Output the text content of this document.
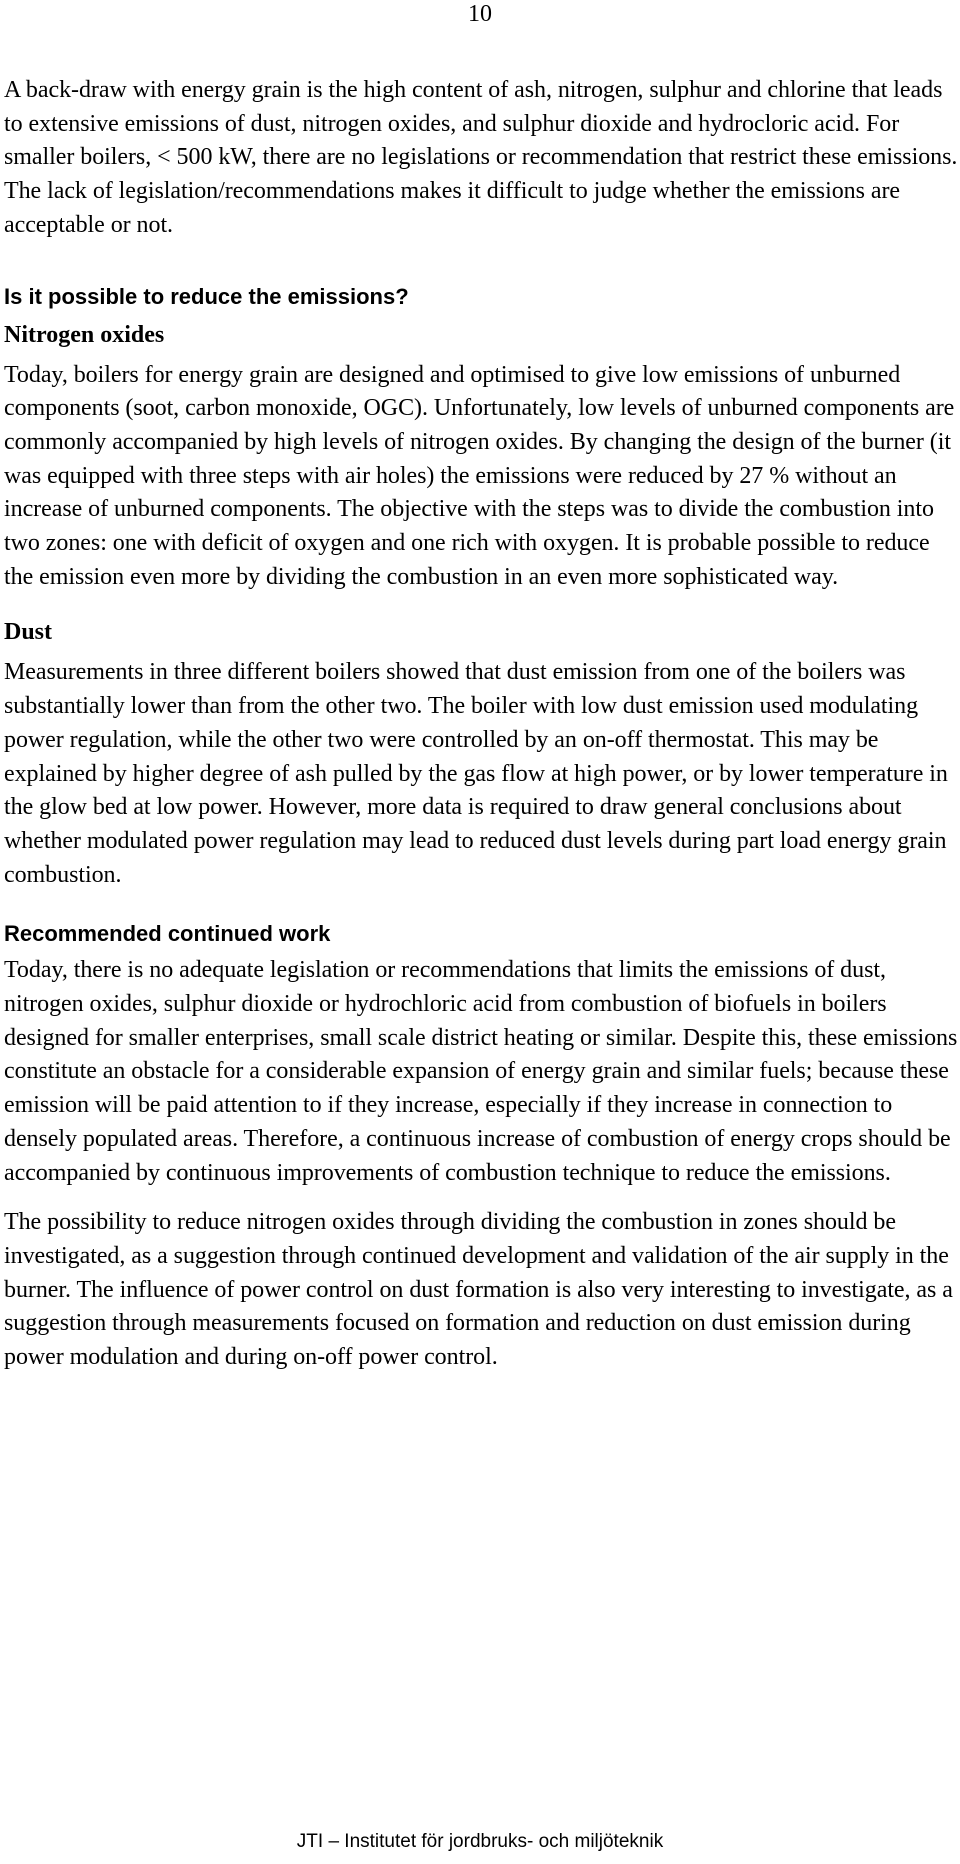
10

A back-draw with energy grain is the high content of ash, nitrogen, sulphur and chlorine that leads to extensive emissions of dust, nitrogen oxides, and sulphur dioxide and hydrocloric acid. For smaller boilers, < 500 kW, there are no legislations or recommendation that restrict these emissions. The lack of legislation/recommendations makes it difficult to judge whether the emissions are acceptable or not.

Is it possible to reduce the emissions?
Nitrogen oxides

Today, boilers for energy grain are designed and optimised to give low emissions of unburned components (soot, carbon monoxide, OGC). Unfortunately, low levels of unburned components are commonly accompanied by high levels of nitrogen oxides. By changing the design of the burner (it was equipped with three steps with air holes) the emissions were reduced by 27 % without an increase of unburned components. The objective with the steps was to divide the combustion into two zones: one with deficit of oxygen and one rich with oxygen. It is probable possible to reduce the emission even more by dividing the combustion in an even more sophisticated way.

Dust

Measurements in three different boilers showed that dust emission from one of the boilers was substantially lower than from the other two. The boiler with low dust emission used modulating power regulation, while the other two were controlled by an on-off thermostat. This may be explained by higher degree of ash pulled by the gas flow at high power, or by lower temperature in the glow bed at low power. However, more data is required to draw general conclusions about whether modulated power regulation may lead to reduced dust levels during part load energy grain combustion.

Recommended continued work

Today, there is no adequate legislation or recommendations that limits the emissions of dust, nitrogen oxides, sulphur dioxide or hydrochloric acid from combustion of biofuels in boilers designed for smaller enterprises, small scale district heating or similar. Despite this, these emissions constitute an obstacle for a considerable expansion of energy grain and similar fuels; because these emission will be paid attention to if they increase, especially if they increase in connection to densely populated areas. Therefore, a continuous increase of combustion of energy crops should be accompanied by continuous improvements of combustion technique to reduce the emissions.

The possibility to reduce nitrogen oxides through dividing the combustion in zones should be investigated, as a suggestion through continued development and validation of the air supply in the burner. The influence of power control on dust formation is also very interesting to investigate, as a suggestion through measurements focused on formation and reduction on dust emission during power modulation and during on-off power control.

JTI – Institutet för jordbruks- och miljöteknik
